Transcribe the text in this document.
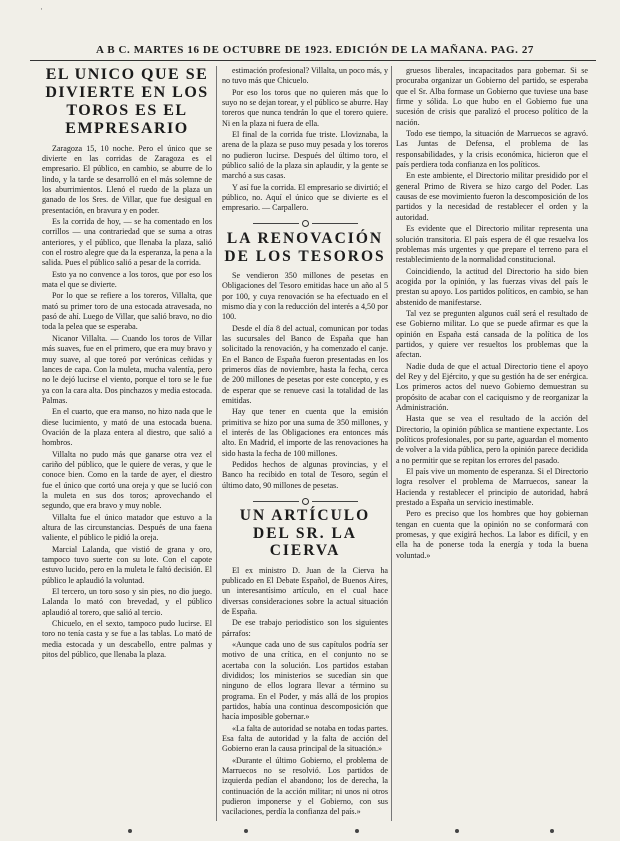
·
A B C. MARTES 16 DE OCTUBRE DE 1923. EDICIÓN DE LA MAÑANA. PAG. 27
EL UNICO QUE SE DIVIERTE EN LOS TOROS ES EL EMPRESARIO

Zaragoza 15, 10 noche. Pero el único que se divierte en las corridas de Zaragoza es el empresario. El público, en cambio, se aburre de lo lindo, y la tarde se desarrolló en el más solemne de los aburrimientos. Llenó el ruedo de la plaza un ganado de los Sres. de Villar, que fue desigual en presentación, en bravura y en poder.

Es la corrida de hoy, — se ha comentado en los corrillos — una contrariedad que se suma a otras anteriores, y el público, que llenaba la plaza, salió con el rostro alegre que da la esperanza, la pena a la salida. Pues el público salió a pesar de la corrida.

Esto ya no convence a los toros, que por eso los mata el que se divierte.

Por lo que se refiere a los toreros, Villalta, que mató su primer toro de una estocada atravesada, no pasó de ahí. Luego de Villar, que salió bravo, no dio toda la pelea que se esperaba.

Nicanor Villalta. — Cuando los toros de Villar más suaves, fue en el primero, que era muy bravo y muy suave, al que toreó por verónicas ceñidas y lances de capa. Con la muleta, mucha valentía, pero no le dejó lucirse el viento, porque el toro se le fue ya con la cara alta. Dos pinchazos y media estocada. Palmas.

En el cuarto, que era manso, no hizo nada que le diese lucimiento, y mató de una estocada buena. Ovación de la plaza entera al diestro, que salió a hombros.

Villalta no pudo más que ganarse otra vez el cariño del público, que le quiere de veras, y que le conoce bien. Como en la tarde de ayer, el diestro fue el único que cortó una oreja y que se lució con la muleta en sus dos toros; aprovechando el segundo, que era bravo y muy noble.

Villalta fue el único matador que estuvo a la altura de las circunstancias. Después de una faena valiente, el público le pidió la oreja.

Marcial Lalanda, que vistió de grana y oro, tampoco tuvo suerte con su lote. Con el capote estuvo lucido, pero en la muleta le faltó decisión. El público le aplaudió la voluntad.

El tercero, un toro soso y sin pies, no dio juego. Lalanda lo mató con brevedad, y el público aplaudió al torero, que salió al tercio.

Chicuelo, en el sexto, tampoco pudo lucirse. El toro no tenía casta y se fue a las tablas. Lo mató de media estocada y un descabello, entre palmas y pitos del público, que llenaba la plaza.

estimación profesional? Villalta, un poco más, y no tuvo más que Chicuelo.

Por eso los toros que no quieren más que lo suyo no se dejan torear, y el público se aburre. Hay toreros que nunca tendrán lo que el torero quiere. Ni en la plaza ni fuera de ella.

El final de la corrida fue triste. Lloviznaba, la arena de la plaza se puso muy pesada y los toreros no pudieron lucirse. Después del último toro, el público salió de la plaza sin aplaudir, y la gente se marchó a sus casas.

Y así fue la corrida. El empresario se divirtió; el público, no. Aquí el único que se divierte es el empresario. — Carpallero.

LA RENOVACIÓN DE LOS TESOROS

Se vendieron 350 millones de pesetas en Obligaciones del Tesoro emitidas hace un año al 5 por 100, y cuya renovación se ha efectuado en el mismo día y con la reducción del interés a 4,50 por 100.

Desde el día 8 del actual, comunican por todas las sucursales del Banco de España que han solicitado la renovación, y ha comenzado el canje. En el Banco de España fueron presentadas en los primeros días de noviembre, hasta la fecha, cerca de 200 millones de pesetas por este concepto, y es de esperar que se renueve casi la totalidad de las emitidas.

Hay que tener en cuenta que la emisión primitiva se hizo por una suma de 350 millones, y el interés de las Obligaciones era entonces más alto. En Madrid, el importe de las renovaciones ha sido hasta la fecha de 100 millones.

Pedidos hechos de algunas provincias, y el Banco ha recibido en total de Tesoro, según el último dato, 90 millones de pesetas.

UN ARTÍCULO DEL SR. LA CIERVA

El ex ministro D. Juan de la Cierva ha publicado en El Debate Español, de Buenos Aires, un interesantísimo artículo, en el cual hace diversas consideraciones sobre la actual situación de España.

De ese trabajo periodístico son los siguientes párrafos:

«Aunque cada uno de sus capítulos podría ser motivo de una crítica, en el conjunto no se acertaba con la solución. Los partidos estaban divididos; los ministerios se sucedían sin que ninguno de ellos lograra llevar a término su programa. En el Poder, y más allá de los propios partidos, había una continua descomposición que hacía imposible gobernar.»

«La falta de autoridad se notaba en todas partes. Esa falta de autoridad y la falta de acción del Gobierno eran la causa principal de la situación.»

«Durante el último Gobierno, el problema de Marruecos no se resolvió. Los partidos de izquierda pedían el abandono; los de derecha, la continuación de la acción militar; ni unos ni otros pudieron imponerse y el Gobierno, con sus vacilaciones, perdía la confianza del país.»

gruesos liberales, incapacitados para gobernar. Si se procuraba organizar un Gobierno del partido, se esperaba que el Sr. Alba formase un Gobierno que tuviese una base firme y sólida. Lo que hubo en el Gobierno fue una sucesión de crisis que paralizó el proceso político de la nación.

Todo ese tiempo, la situación de Marruecos se agravó. Las Juntas de Defensa, el problema de las responsabilidades, y la crisis económica, hicieron que el país perdiera toda confianza en los políticos.

En este ambiente, el Directorio militar presidido por el general Primo de Rivera se hizo cargo del Poder. Las causas de ese movimiento fueron la descomposición de los partidos y la necesidad de restablecer el orden y la autoridad.

Es evidente que el Directorio militar representa una solución transitoria. El país espera de él que resuelva los problemas más urgentes y que prepare el terreno para el restablecimiento de la normalidad constitucional.

Coincidiendo, la actitud del Directorio ha sido bien acogida por la opinión, y las fuerzas vivas del país le prestan su apoyo. Los partidos políticos, en cambio, se han abstenido de manifestarse.

Tal vez se pregunten algunos cuál será el resultado de ese Gobierno militar. Lo que se puede afirmar es que la opinión en España está cansada de la política de los partidos, y quiere ver resueltos los problemas que la afectan.

Nadie duda de que el actual Directorio tiene el apoyo del Rey y del Ejército, y que su gestión ha de ser enérgica. Los primeros actos del nuevo Gobierno demuestran su propósito de acabar con el caciquismo y de reorganizar la Administración.

Hasta que se vea el resultado de la acción del Directorio, la opinión pública se mantiene expectante. Los políticos profesionales, por su parte, aguardan el momento de volver a la vida pública, pero la opinión parece decidida a no permitir que se repitan los errores del pasado.

El país vive un momento de esperanza. Si el Directorio logra resolver el problema de Marruecos, sanear la Hacienda y restablecer el principio de autoridad, habrá prestado a España un servicio inestimable.

Pero es preciso que los hombres que hoy gobiernan tengan en cuenta que la opinión no se conformará con promesas, y que exigirá hechos. La labor es difícil, y en ella ha de ponerse toda la energía y toda la buena voluntad.»
